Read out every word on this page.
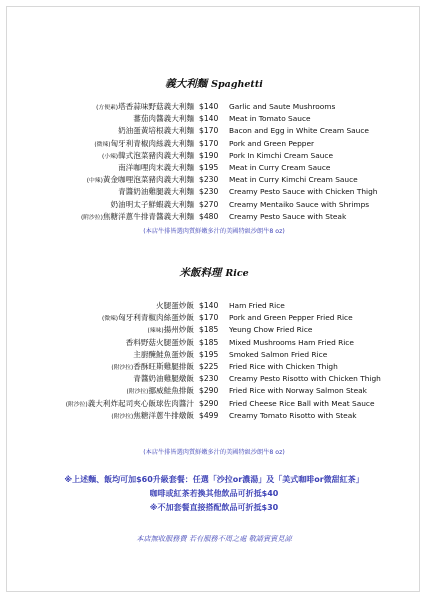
義大利麵 Spaghetti
(方便素)塔香蒜味野菇義大利麵 $140	Garlic and Saute Mushrooms
蕃茄肉醬義大利麵 $140	Meat in Tomato Sauce
奶油蛋黃培根義大利麵 $170	Bacon and Egg in White Cream Sauce
(微辣)匈牙利青椒肉絲義大利麵 $170	Pork and Green Pepper
(小辣)韓式泡菜豬肉義大利麵 $190	Pork In Kimchi Cream Sauce
南洋咖哩肉末義大利麵 $195	Meat in Curry Cream Sauce
(中辣)黃金咖哩泡菜豬肉義大利麵 $230	Meat in Curry Kimchi Cream Sauce
青醬奶油雞腿義大利麵 $230	Creamy Pesto Sauce with Chicken Thigh
奶油明太子鮮蝦義大利麵 $270	Creamy Mentaiko Sauce with Shrimps
(附沙拉)焦糖洋蔥牛排青醬義大利麵 $480	Creamy Pesto Sauce with Steak
(本店牛排皆選肉質鮮嫩多汁的美國特級沙朗牛8 oz)
米飯料理 Rice
火腿蛋炒飯 $140	Ham Fried Rice
(微辣)匈牙利青椒肉絲蛋炒飯 $170	Pork and Green Pepper Fried Rice
(辣味)揚州炒飯 $185	Yeung Chow Fried Rice
香料野菇火腿蛋炒飯 $185	Mixed Mushrooms Ham Fried Rice
主廚醃鮭魚蛋炒飯 $195	Smoked Salmon Fried Rice
(附沙拉)香酥旺斯雞腿排飯 $225	Fried Rice with Chicken Thigh
青醬奶油雞腿燉飯 $230	Creamy Pesto Risotto with Chicken Thigh
(附沙拉)挪威鮭魚排飯 $290	Fried Rice with Norway Salmon Steak
(附沙拉)義大利炸起司夾心飯球佐肉醬汁 $290	Fried Cheese Rice Ball with Meat Sauce
(附沙拉)焦糖洋蔥牛排燉飯 $499	Creamy Tomato Risotto with Steak
(本店牛排皆選肉質鮮嫩多汁的美國特級沙朗牛8 oz)
※上述麵、飯均可加$60升級套餐：任選「沙拉or濃湯」及「美式咖啡or微甜紅茶」
咖啡或紅茶若換其他飲品可折抵$40
※不加套餐直接搭配飲品可折抵$30
本店無收服務費 若有服務不周之處 敬請賓賓見諒
